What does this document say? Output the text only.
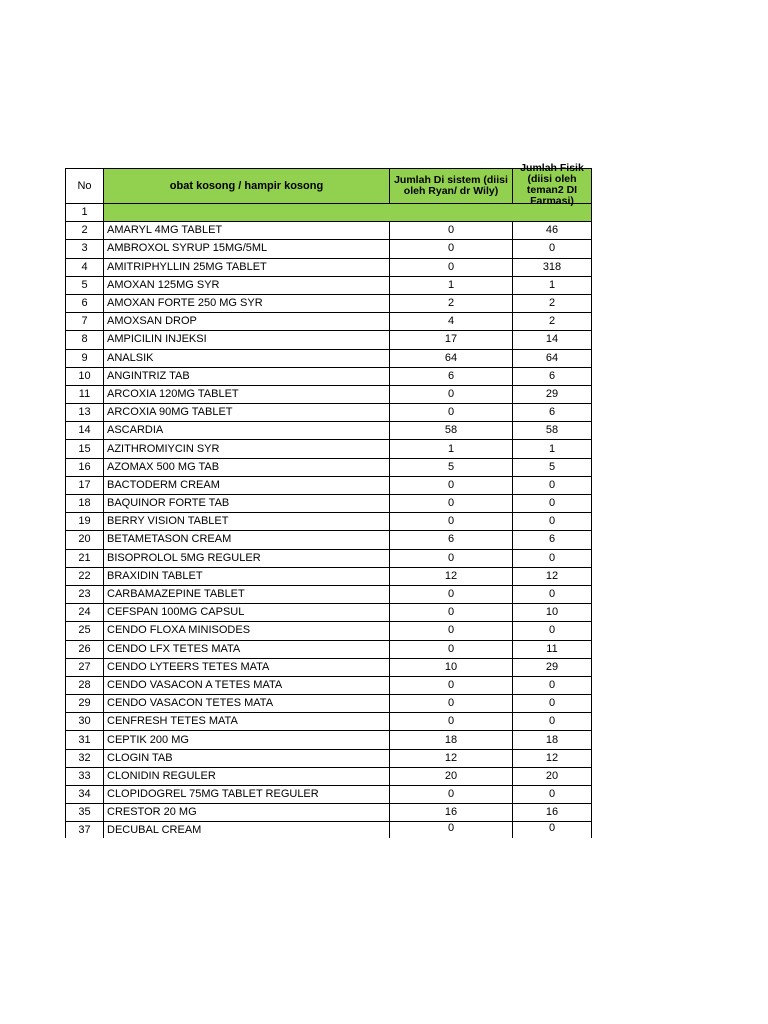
No	obat kosong / hampir kosong	Jumlah Di sistem (diisi oleh Ryan/ dr Wily)	Jumlah Fisik (diisi oleh teman2 DI Farmasi)

1			
2	AMARYL 4MG TABLET	0	46
3	AMBROXOL SYRUP 15MG/5ML	0	0
4	AMITRIPHYLLIN 25MG TABLET	0	318
5	AMOXAN 125MG SYR	1	1
6	AMOXAN FORTE 250 MG SYR	2	2
7	AMOXSAN DROP	4	2
8	AMPICILIN INJEKSI	17	14
9	ANALSIK	64	64
10	ANGINTRIZ TAB	6	6
11	ARCOXIA 120MG TABLET	0	29
13	ARCOXIA 90MG TABLET	0	6
14	ASCARDIA	58	58
15	AZITHROMIYCIN SYR	1	1
16	AZOMAX 500 MG TAB	5	5
17	BACTODERM CREAM	0	0
18	BAQUINOR FORTE TAB	0	0
19	BERRY VISION TABLET	0	0
20	BETAMETASON CREAM	6	6
21	BISOPROLOL 5MG REGULER	0	0
22	BRAXIDIN TABLET	12	12
23	CARBAMAZEPINE TABLET	0	0
24	CEFSPAN 100MG CAPSUL	0	10
25	CENDO FLOXA MINISODES	0	0
26	CENDO LFX TETES MATA	0	11
27	CENDO LYTEERS TETES MATA	10	29
28	CENDO VASACON A TETES MATA	0	0
29	CENDO VASACON TETES MATA	0	0
30	CENFRESH TETES MATA	0	0
31	CEPTIK 200 MG	18	18
32	CLOGIN TAB	12	12
33	CLONIDIN REGULER	20	20
34	CLOPIDOGREL 75MG TABLET REGULER	0	0
35	CRESTOR 20 MG	16	16
37	DECUBAL CREAM	0	0
